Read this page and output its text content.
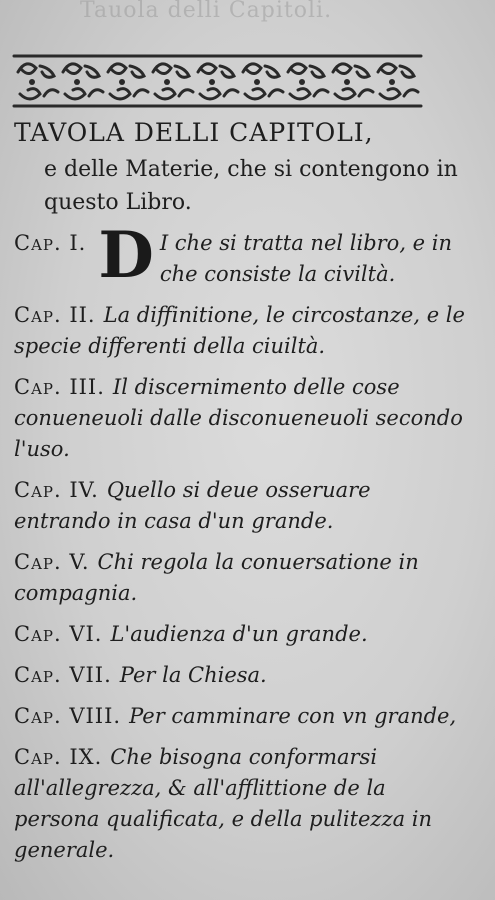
Tauola delli Capitoli.
TAVOLA DELLI CAPITOLI,
e delle Materie, che si contengono in questo Libro.
Cap. I. D I che si tratta nel libro, e in che consiste la civiltà.
Cap. II. La diffinitione, le circostanze, e le specie differenti della ciuiltà.
Cap. III. Il discernimento delle cose conueneuoli dalle disconueneuoli secondo l'uso.
Cap. IV. Quello si deue osseruare entrando in casa d'un grande.
Cap. V. Chi regola la conuersatione in compagnia.
Cap. VI. L'audienza d'un grande.
Cap. VII. Per la Chiesa.
Cap. VIII. Per camminare con vn grande,
Cap. IX. Che bisogna conformarsi all'allegrezza, & all'afflittione de la persona qualificata, e della pulitezza in generale.
